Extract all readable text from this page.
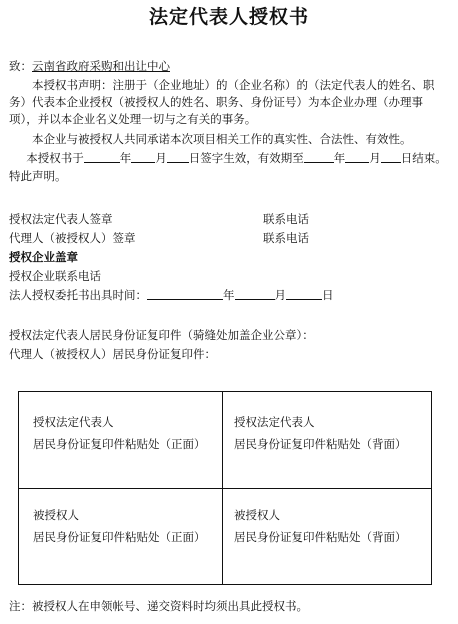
法定代表人授权书
致：云南省政府采购和出让中心
本授权书声明：注册于（企业地址）的（企业名称）的（法定代表人的姓名、职务）代表本企业授权（被授权人的姓名、职务、身份证号）为本企业办理（办理事项），并以本企业名义处理一切与之有关的事务。
本企业与被授权人共同承诺本次项目相关工作的真实性、合法性、有效性。
本授权书于	年 月 日签字生效，有效期至	年 月 日结束。
特此声明。
授权法定代表人签章	联系电话
代理人（被授权人）签章	联系电话
授权企业盖章
授权企业联系电话
法人授权委托书出具时间：	年	月	日
授权法定代表人居民身份证复印件（骑缝处加盖企业公章）：
代理人（被授权人）居民身份证复印件：
授权法定代表人
居民身份证复印件粘贴处（正面）
授权法定代表人
居民身份证复印件粘贴处（背面）
被授权人
居民身份证复印件粘贴处（正面）
被授权人
居民身份证复印件粘贴处（背面）
注：被授权人在申领帐号、递交资料时均须出具此授权书。
